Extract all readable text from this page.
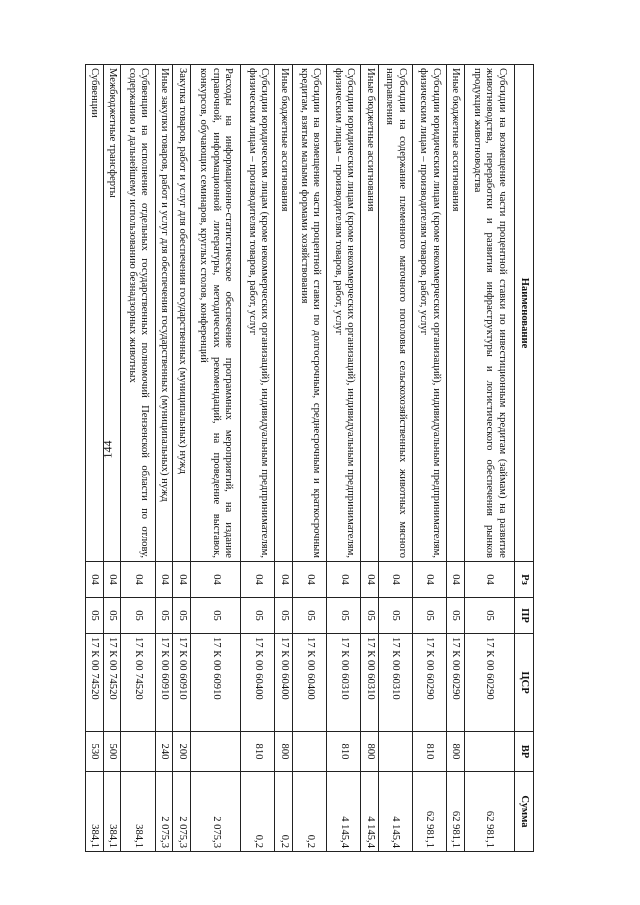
144
Наименование	Рз	ПР	ЦСР	ВР	Сумма
Субсидии на возмещение части процентной ставки по инвестиционным кредитам (займам) на развитие животноводства, переработки и развития инфраструктуры и логистического обеспечения рынков продукции животноводства	04	05	17 К 00 60290		62 981,1
Иные бюджетные ассигнования	04	05	17 К 00 60290	800	62 981,1
Субсидии юридическим лицам (кроме некоммерческих организаций), индивидуальным предпринимателям, физическим лицам – производителям товаров, работ, услуг	04	05	17 К 00 60290	810	62 981,1
Субсидии на содержание племенного маточного поголовья сельскохозяйственных животных мясного направления	04	05	17 К 00 60310		4 145,4
Иные бюджетные ассигнования	04	05	17 К 00 60310	800	4 145,4
Субсидии юридическим лицам (кроме некоммерческих организаций), индивидуальным предпринимателям, физическим лицам – производителям товаров, работ, услуг	04	05	17 К 00 60310	810	4 145,4
Субсидии на возмещение части процентной ставки по долгосрочным, среднесрочным и краткосрочным кредитам, взятым малыми формами хозяйствования	04	05	17 К 00 60400		0,2
Иные бюджетные ассигнования	04	05	17 К 00 60400	800	0,2
Субсидии юридическим лицам (кроме некоммерческих организаций), индивидуальным предпринимателям, физическим лицам – производителям товаров, работ, услуг	04	05	17 К 00 60400	810	0,2
Расходы на информационно-статистическое обеспечение программных мероприятий, на издание справочной, информационной литературы, методических рекомендаций, на проведение выставок, конкурсов, обучающих семинаров, круглых столов, конференций	04	05	17 К 00 60910		2 075,3
Закупка товаров, работ и услуг для обеспечения государственных (муниципальных) нужд	04	05	17 К 00 60910	200	2 075,3
Иные закупки товаров, работ и услуг для обеспечения государственных (муниципальных) нужд	04	05	17 К 00 60910	240	2 075,3
Субвенции на исполнение отдельных государственных полномочий Пензенской области по отлову, содержанию и дальнейшему использованию безнадзорных животных	04	05	17 К 00 74520		384,1
Межбюджетные трансферты	04	05	17 К 00 74520	500	384,1
Субвенции	04	05	17 К 00 74520	530	384,1
